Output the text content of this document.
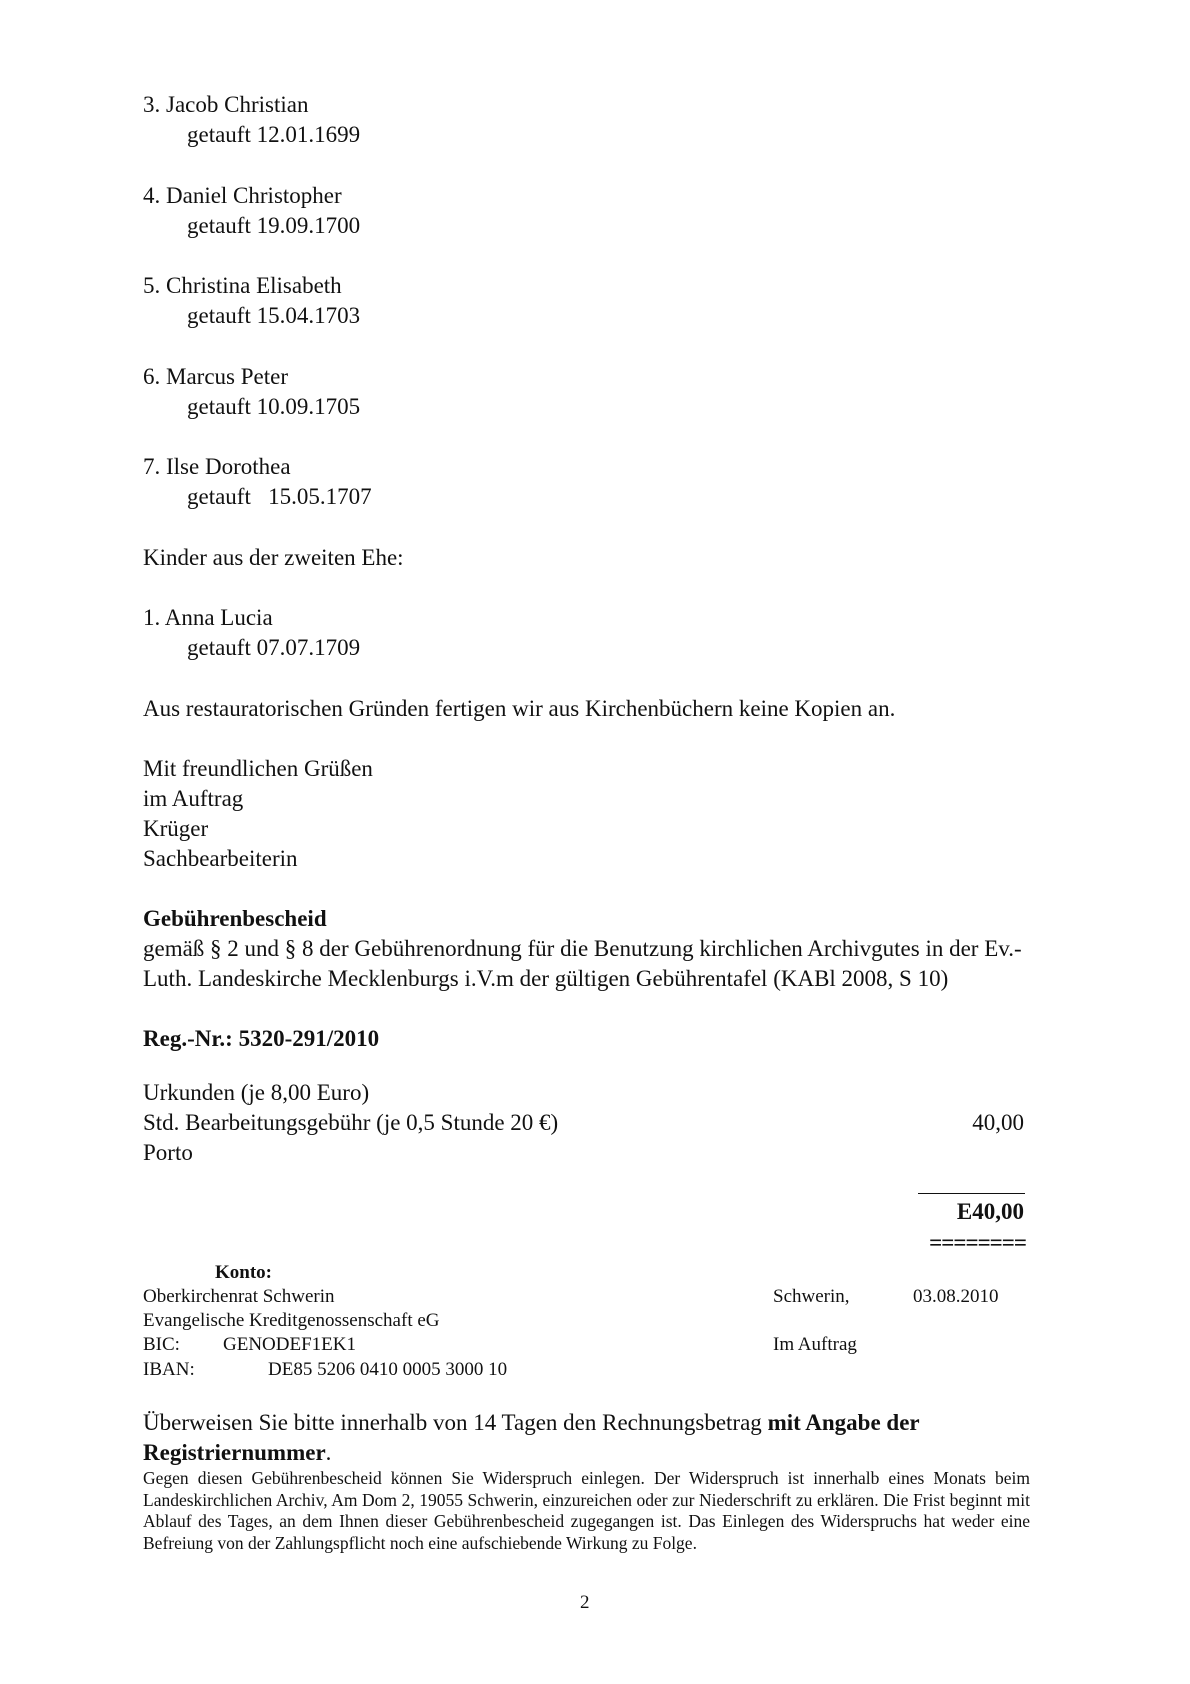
3. Jacob Christian
getauft 12.01.1699
4. Daniel Christopher
getauft 19.09.1700
5. Christina Elisabeth
getauft 15.04.1703
6. Marcus Peter
getauft 10.09.1705
7. Ilse Dorothea
getauft   15.05.1707
Kinder aus der zweiten Ehe:
1. Anna Lucia
getauft 07.07.1709
Aus restauratorischen Gründen fertigen wir aus Kirchenbüchern keine Kopien an.
Mit freundlichen Grüßen
im Auftrag
Krüger
Sachbearbeiterin
Gebührenbescheid
gemäß § 2 und § 8 der Gebührenordnung für die Benutzung kirchlichen Archivgutes in der Ev.-Luth. Landeskirche Mecklenburgs i.V.m der gültigen Gebührentafel (KABl 2008, S 10)
Reg.-Nr.: 5320-291/2010
Urkunden (je 8,00 Euro)
Std. Bearbeitungsgebühr (je 0,5 Stunde 20 €)	40,00
Porto
E40,00
========
Konto:
Oberkirchenrat Schwerin
Evangelische Kreditgenossenschaft eG
BIC: GENODEF1EK1
IBAN:	DE85 5206 0410 0005 3000 10
Schwerin,	03.08.2010
Im Auftrag
Überweisen Sie bitte innerhalb von 14 Tagen den Rechnungsbetrag mit Angabe der Registriernummer.
Gegen diesen Gebührenbescheid können Sie Widerspruch einlegen. Der Widerspruch ist innerhalb eines Monats beim Landeskirchlichen Archiv, Am Dom 2, 19055 Schwerin, einzureichen oder zur Niederschrift zu erklären. Die Frist beginnt mit Ablauf des Tages, an dem Ihnen dieser Gebührenbescheid zugegangen ist. Das Einlegen des Widerspruchs hat weder eine Befreiung von der Zahlungspflicht noch eine aufschiebende Wirkung zu Folge.
2
